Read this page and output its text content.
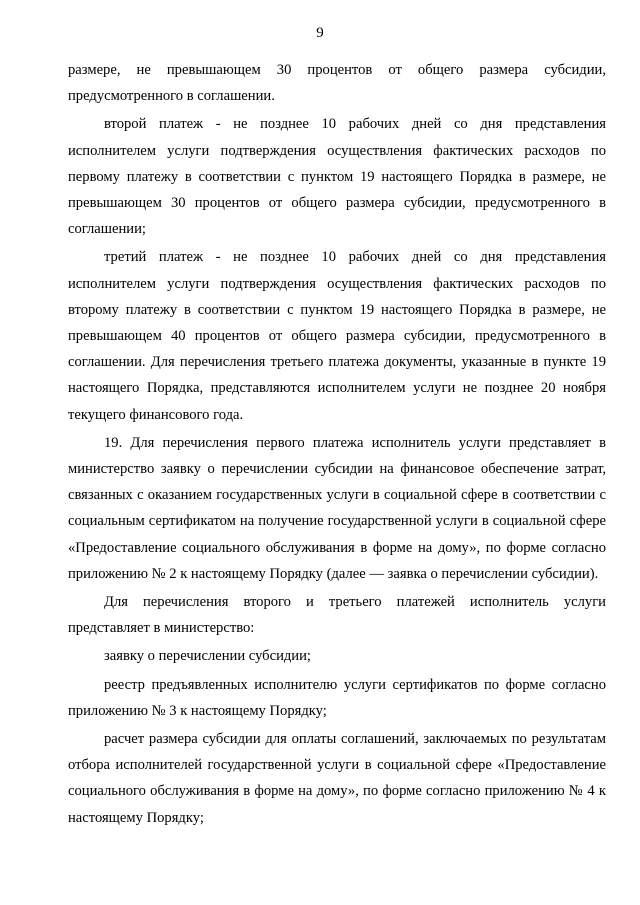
9

размере, не превышающем 30 процентов от общего размера субсидии, предусмотренного в соглашении.

второй платеж - не позднее 10 рабочих дней со дня представления исполнителем услуги подтверждения осуществления фактических расходов по первому платежу в соответствии с пунктом 19 настоящего Порядка в размере, не превышающем 30 процентов от общего размера субсидии, предусмотренного в соглашении;

третий платеж - не позднее 10 рабочих дней со дня представления исполнителем услуги подтверждения осуществления фактических расходов по второму платежу в соответствии с пунктом 19 настоящего Порядка в размере, не превышающем 40 процентов от общего размера субсидии, предусмотренного в соглашении. Для перечисления третьего платежа документы, указанные в пункте 19 настоящего Порядка, представляются исполнителем услуги не позднее 20 ноября текущего финансового года.

19. Для перечисления первого платежа исполнитель услуги представляет в министерство заявку о перечислении субсидии на финансовое обеспечение затрат, связанных с оказанием государственных услуги в социальной сфере в соответствии с социальным сертификатом на получение государственной услуги в социальной сфере «Предоставление социального обслуживания в форме на дому», по форме согласно приложению № 2 к настоящему Порядку (далее — заявка о перечислении субсидии).

Для перечисления второго и третьего платежей исполнитель услуги представляет в министерство:

заявку о перечислении субсидии;

реестр предъявленных исполнителю услуги сертификатов по форме согласно приложению № 3 к настоящему Порядку;

расчет размера субсидии для оплаты соглашений, заключаемых по результатам отбора исполнителей государственной услуги в социальной сфере «Предоставление социального обслуживания в форме на дому», по форме согласно приложению № 4 к настоящему Порядку;
